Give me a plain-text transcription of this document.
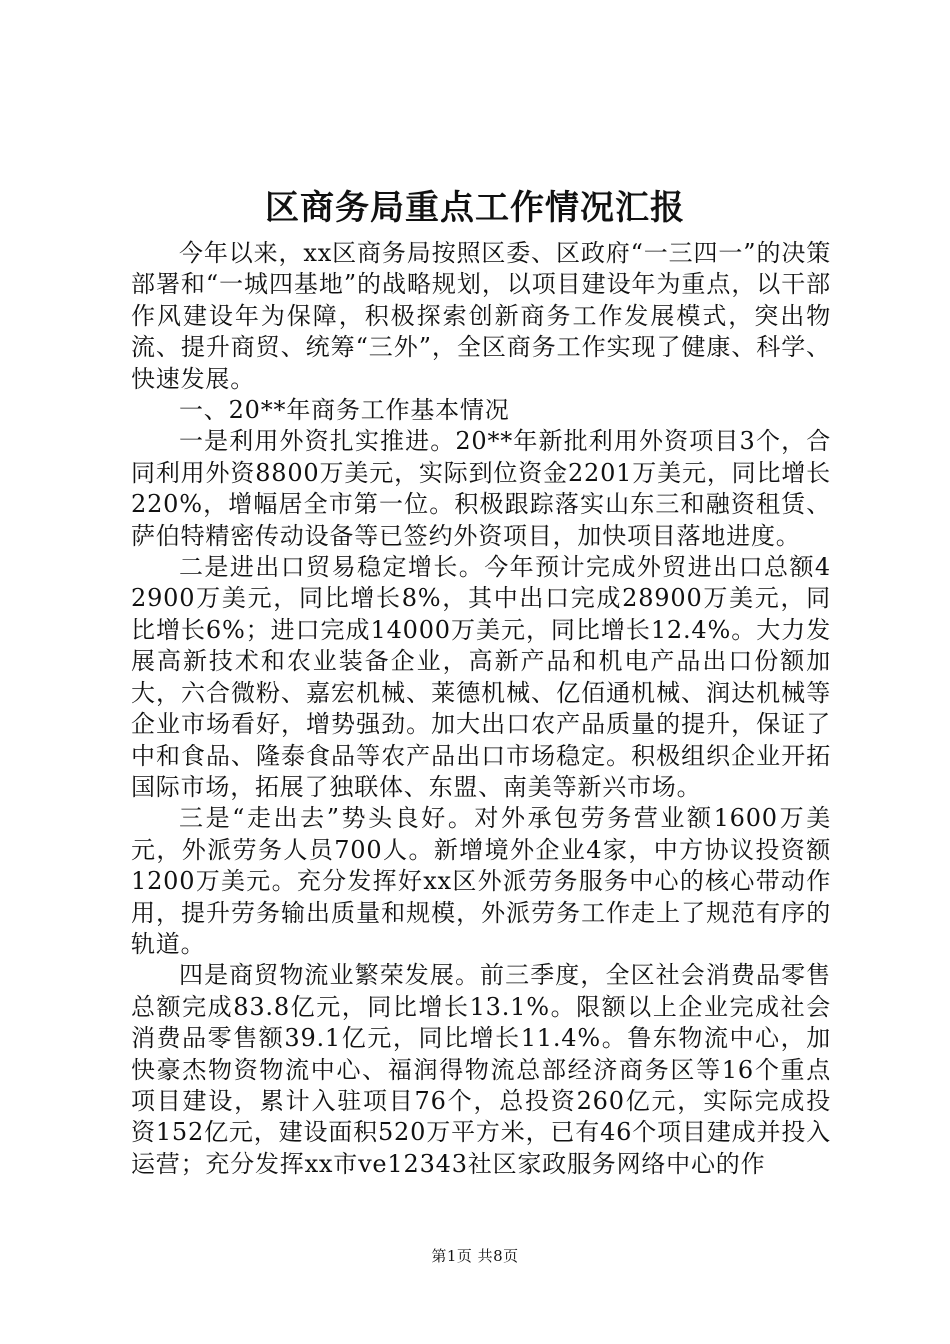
区商务局重点工作情况汇报

今年以来，xx区商务局按照区委、区政府“一三四一”的决策部署和“一城四基地”的战略规划，以项目建设年为重点，以干部作风建设年为保障，积极探索创新商务工作发展模式，突出物流、提升商贸、统筹“三外”，全区商务工作实现了健康、科学、快速发展。

一、20**年商务工作基本情况

一是利用外资扎实推进。20**年新批利用外资项目3个，合同利用外资8800万美元，实际到位资金2201万美元，同比增长220%，增幅居全市第一位。积极跟踪落实山东三和融资租赁、萨伯特精密传动设备等已签约外资项目，加快项目落地进度。

二是进出口贸易稳定增长。今年预计完成外贸进出口总额42900万美元，同比增长8%，其中出口完成28900万美元，同比增长6%；进口完成14000万美元，同比增长12.4%。大力发展高新技术和农业装备企业，高新产品和机电产品出口份额加大，六合微粉、嘉宏机械、莱德机械、亿佰通机械、润达机械等企业市场看好，增势强劲。加大出口农产品质量的提升，保证了中和食品、隆泰食品等农产品出口市场稳定。积极组织企业开拓国际市场，拓展了独联体、东盟、南美等新兴市场。

三是“走出去”势头良好。对外承包劳务营业额1600万美元，外派劳务人员700人。新增境外企业4家，中方协议投资额1200万美元。充分发挥好xx区外派劳务服务中心的核心带动作用，提升劳务输出质量和规模，外派劳务工作走上了规范有序的轨道。

四是商贸物流业繁荣发展。前三季度，全区社会消费品零售总额完成83.8亿元，同比增长13.1%。限额以上企业完成社会消费品零售额39.1亿元，同比增长11.4%。鲁东物流中心，加快豪杰物资物流中心、福润得物流总部经济商务区等16个重点项目建设，累计入驻项目76个，总投资260亿元，实际完成投资152亿元，建设面积520万平方米，已有46个项目建成并投入运营；充分发挥xx市ve12343社区家政服务网络中心的作

第1页 共8页
